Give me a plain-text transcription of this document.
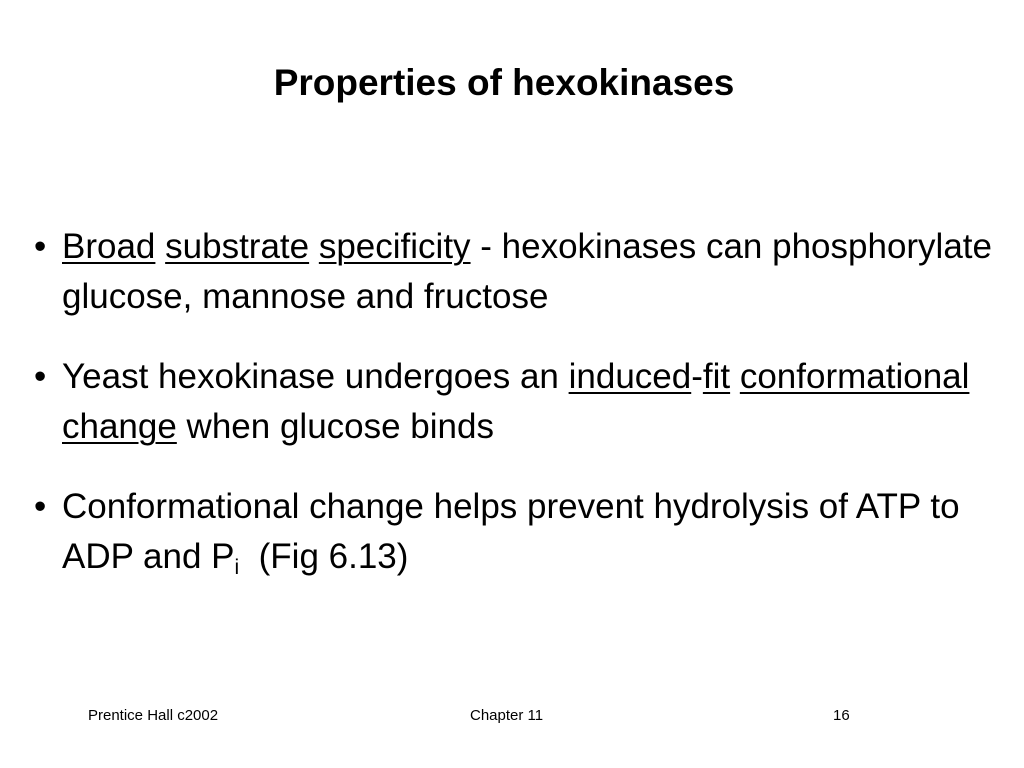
Properties of hexokinases
• Broad substrate specificity - hexokinases can phosphorylate glucose, mannose and fructose
• Yeast hexokinase undergoes an induced-fit conformational change when glucose binds
• Conformational change helps prevent hydrolysis of ATP to ADP and $P_i$  (Fig 6.13)
Prentice Hall c2002	Chapter 11	16
